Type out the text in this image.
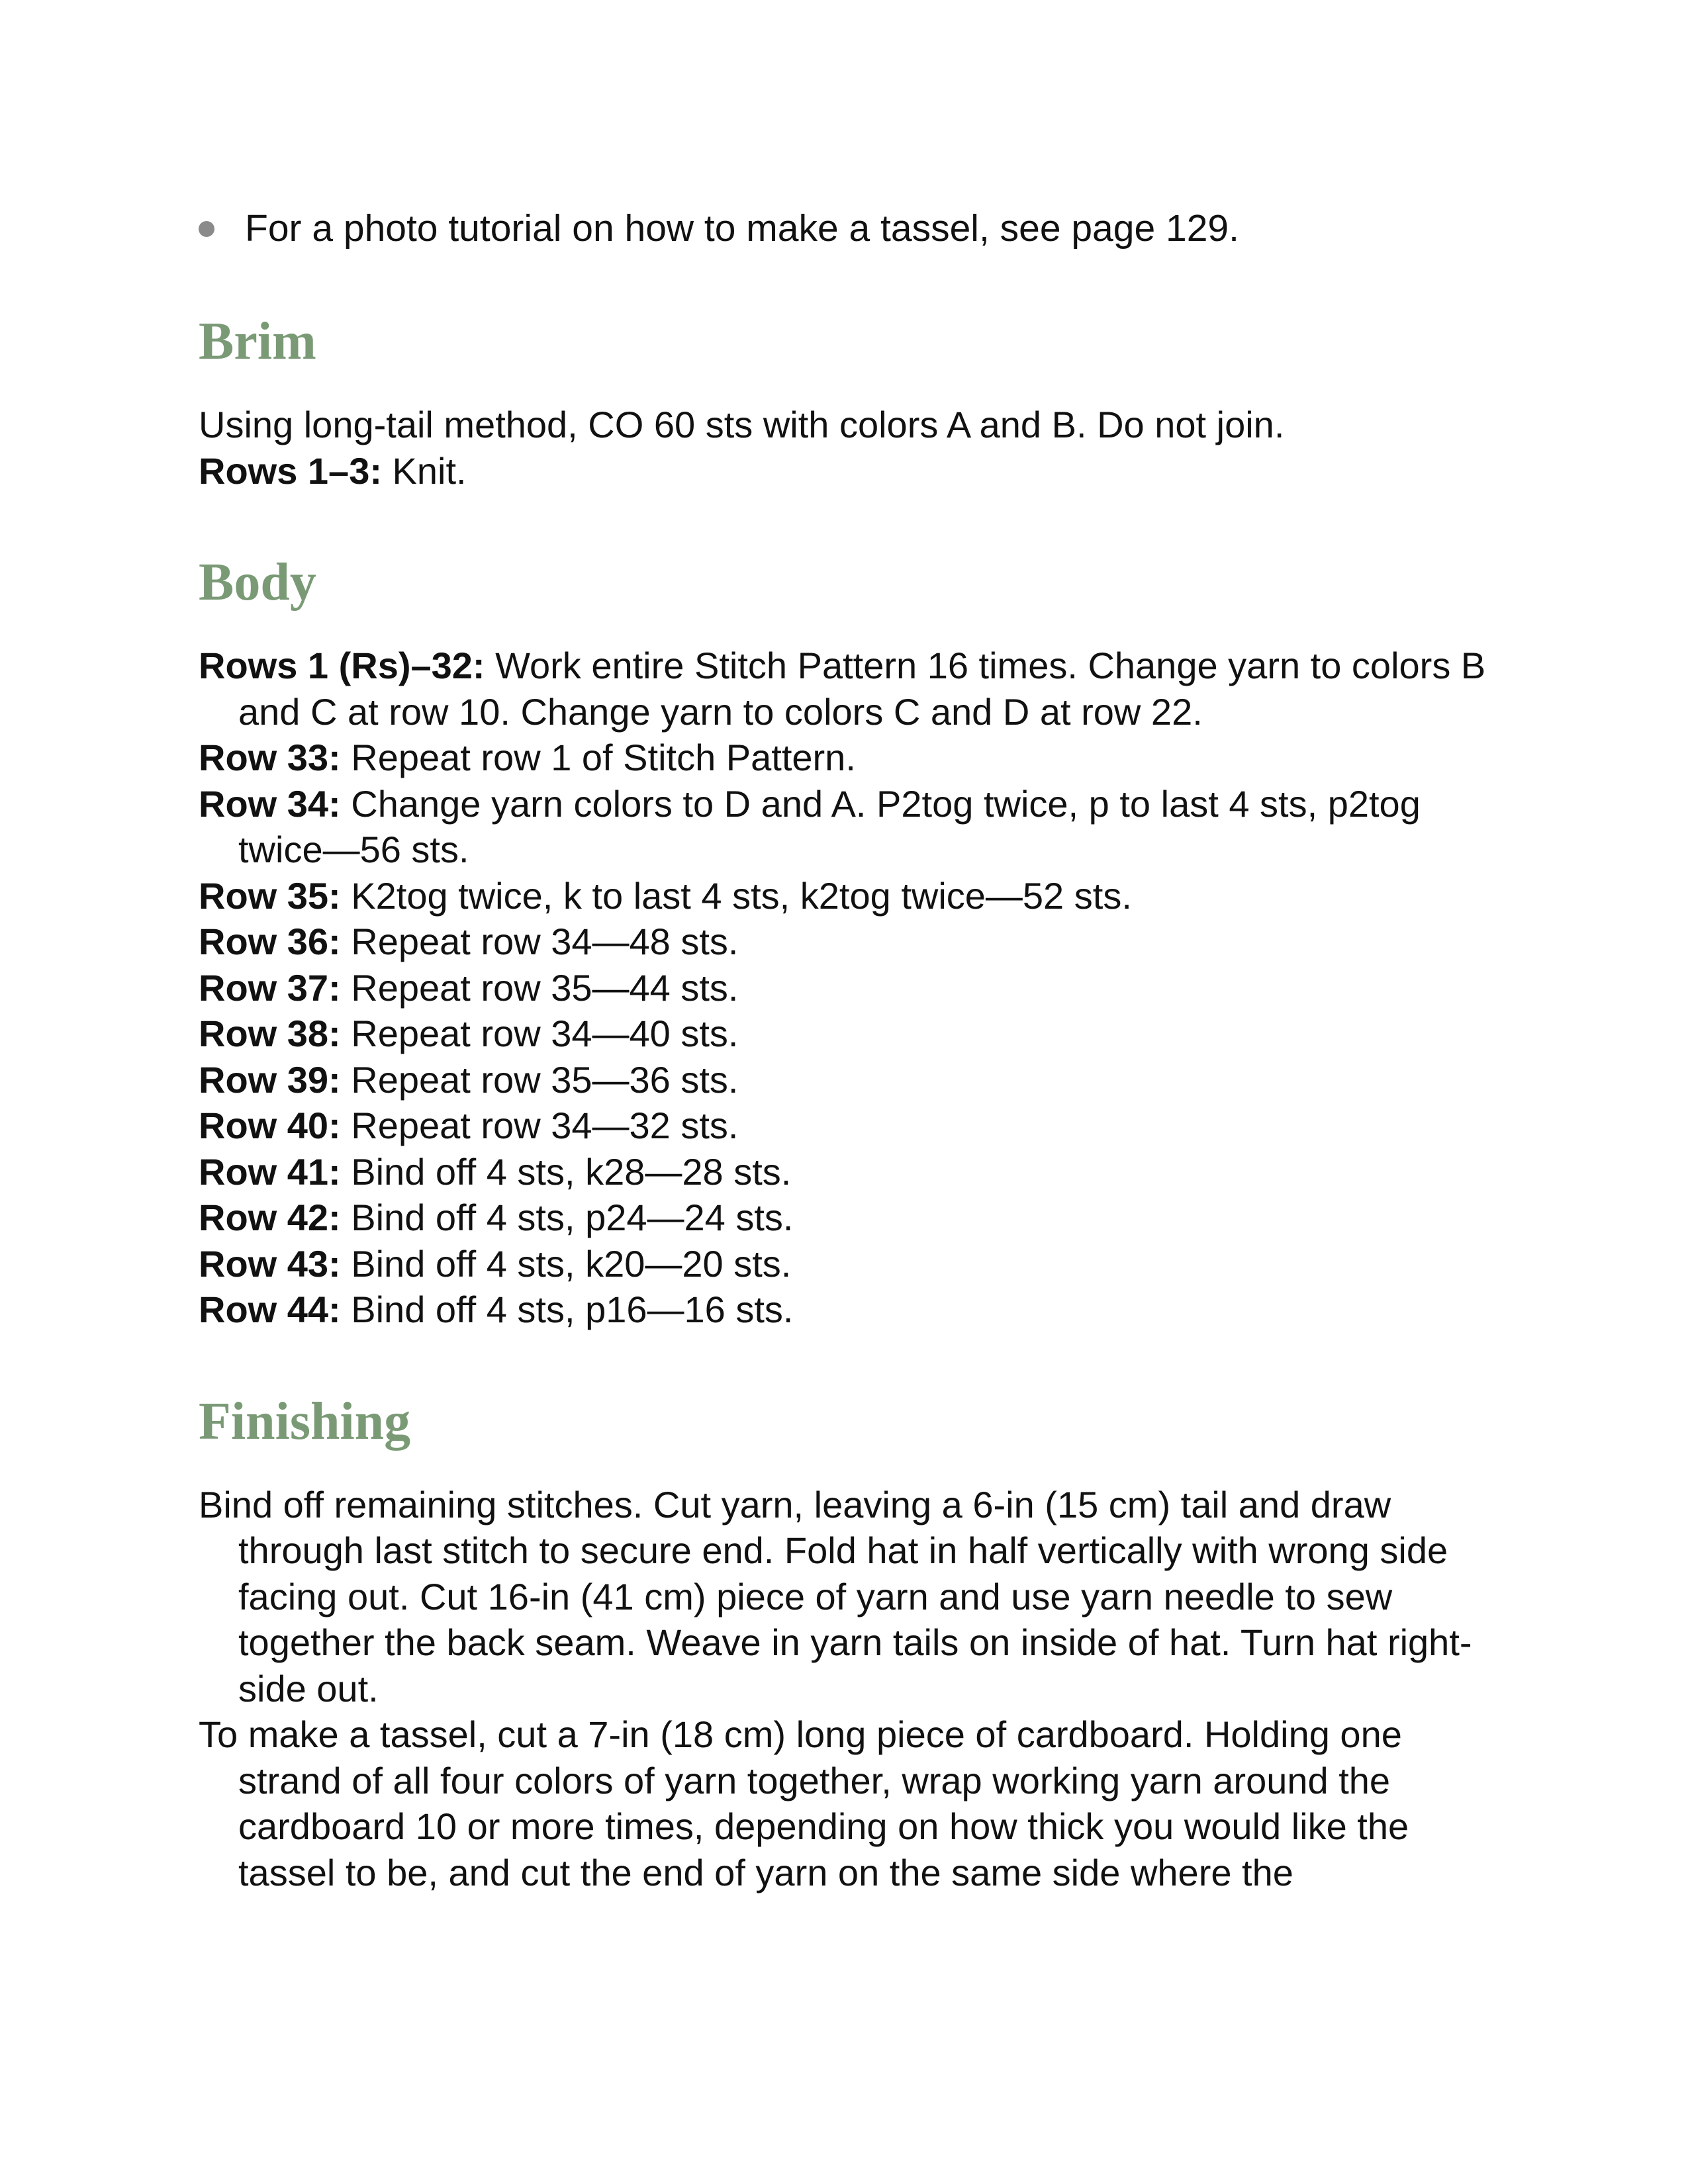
For a photo tutorial on how to make a tassel, see page 129.
Brim

Using long-tail method, CO 60 sts with colors A and B. Do not join.

Rows 1–3: Knit.

Body

Rows 1 (Rs)–32: Work entire Stitch Pattern 16 times. Change yarn to colors B and C at row 10. Change yarn to colors C and D at row 22.

Row 33: Repeat row 1 of Stitch Pattern.

Row 34: Change yarn colors to D and A. P2tog twice, p to last 4 sts, p2tog twice—56 sts.

Row 35: K2tog twice, k to last 4 sts, k2tog twice—52 sts.

Row 36: Repeat row 34—48 sts.

Row 37: Repeat row 35—44 sts.

Row 38: Repeat row 34—40 sts.

Row 39: Repeat row 35—36 sts.

Row 40: Repeat row 34—32 sts.

Row 41: Bind off 4 sts, k28—28 sts.

Row 42: Bind off 4 sts, p24—24 sts.

Row 43: Bind off 4 sts, k20—20 sts.

Row 44: Bind off 4 sts, p16—16 sts.

Finishing

Bind off remaining stitches. Cut yarn, leaving a 6-in (15 cm) tail and draw through last stitch to secure end. Fold hat in half vertically with wrong side facing out. Cut 16-in (41 cm) piece of yarn and use yarn needle to sew together the back seam. Weave in yarn tails on inside of hat. Turn hat right-side out.

To make a tassel, cut a 7-in (18 cm) long piece of cardboard. Holding one strand of all four colors of yarn together, wrap working yarn around the cardboard 10 or more times, depending on how thick you would like the tassel to be, and cut the end of yarn on the same side where the
